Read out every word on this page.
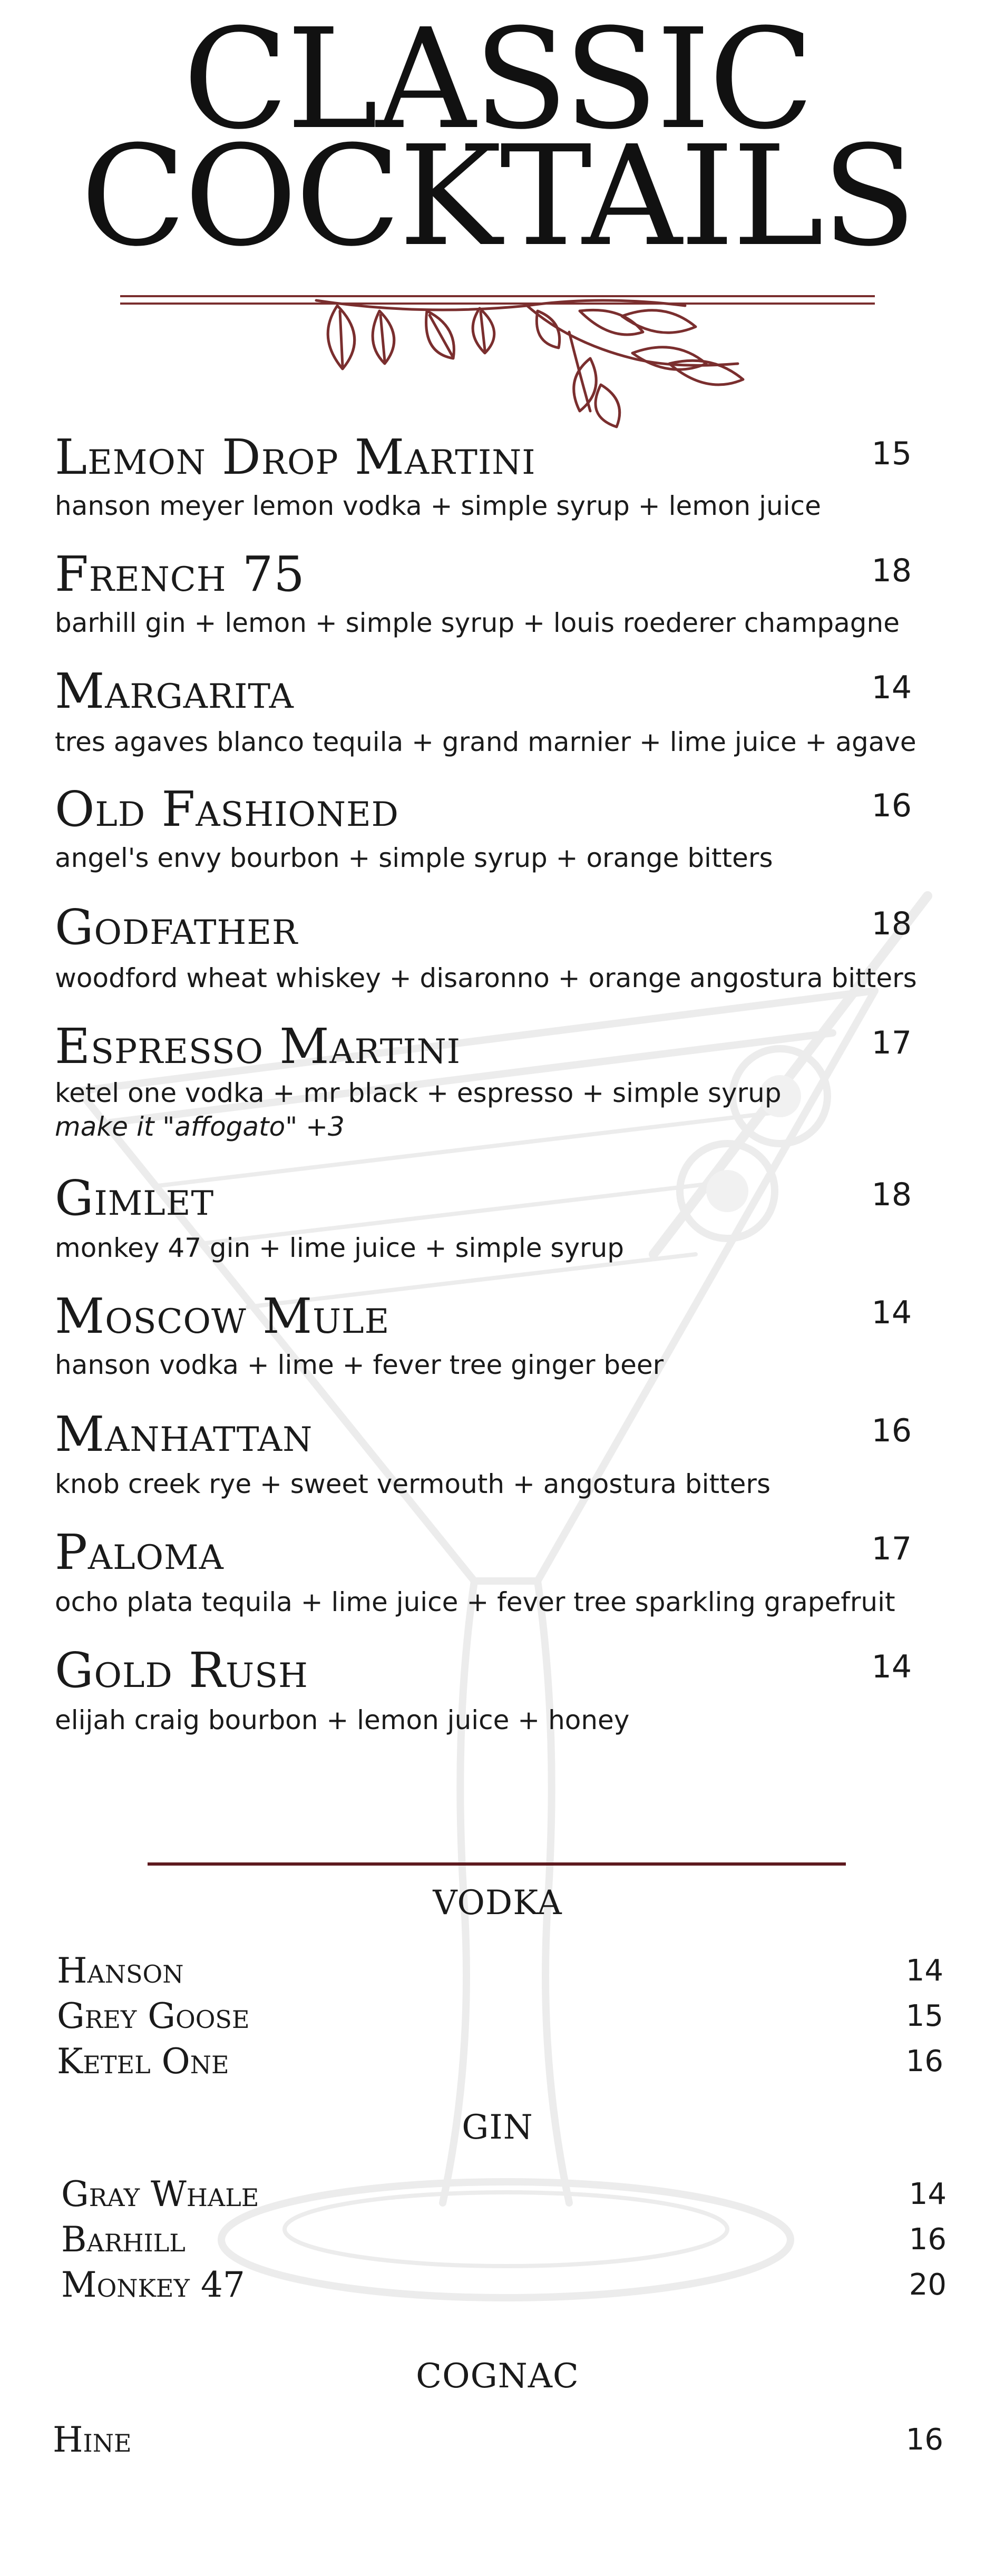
CLASSIC
COCKTAILS
Lemon Drop Martini	15
hanson meyer lemon vodka + simple syrup + lemon juice
French 75	18
barhill gin + lemon + simple syrup + louis roederer champagne
Margarita	14
tres agaves blanco tequila + grand marnier + lime juice + agave
Old Fashioned	16
angel's envy bourbon + simple syrup + orange bitters
Godfather	18
woodford wheat whiskey + disaronno + orange angostura bitters
Espresso Martini	17
ketel one vodka + mr black + espresso + simple syrup
make it "affogato" +3
Gimlet	18
monkey 47 gin + lime juice + simple syrup
Moscow Mule	14
hanson vodka + lime + fever tree ginger beer
Manhattan	16
knob creek rye + sweet vermouth + angostura bitters
Paloma	17
ocho plata tequila + lime juice + fever tree sparkling grapefruit
Gold Rush	14
elijah craig bourbon + lemon juice + honey
VODKA
Hanson	14
Grey Goose	15
Ketel One	16
GIN
Gray Whale	14
Barhill	16
Monkey 47	20
COGNAC
Hine	16
